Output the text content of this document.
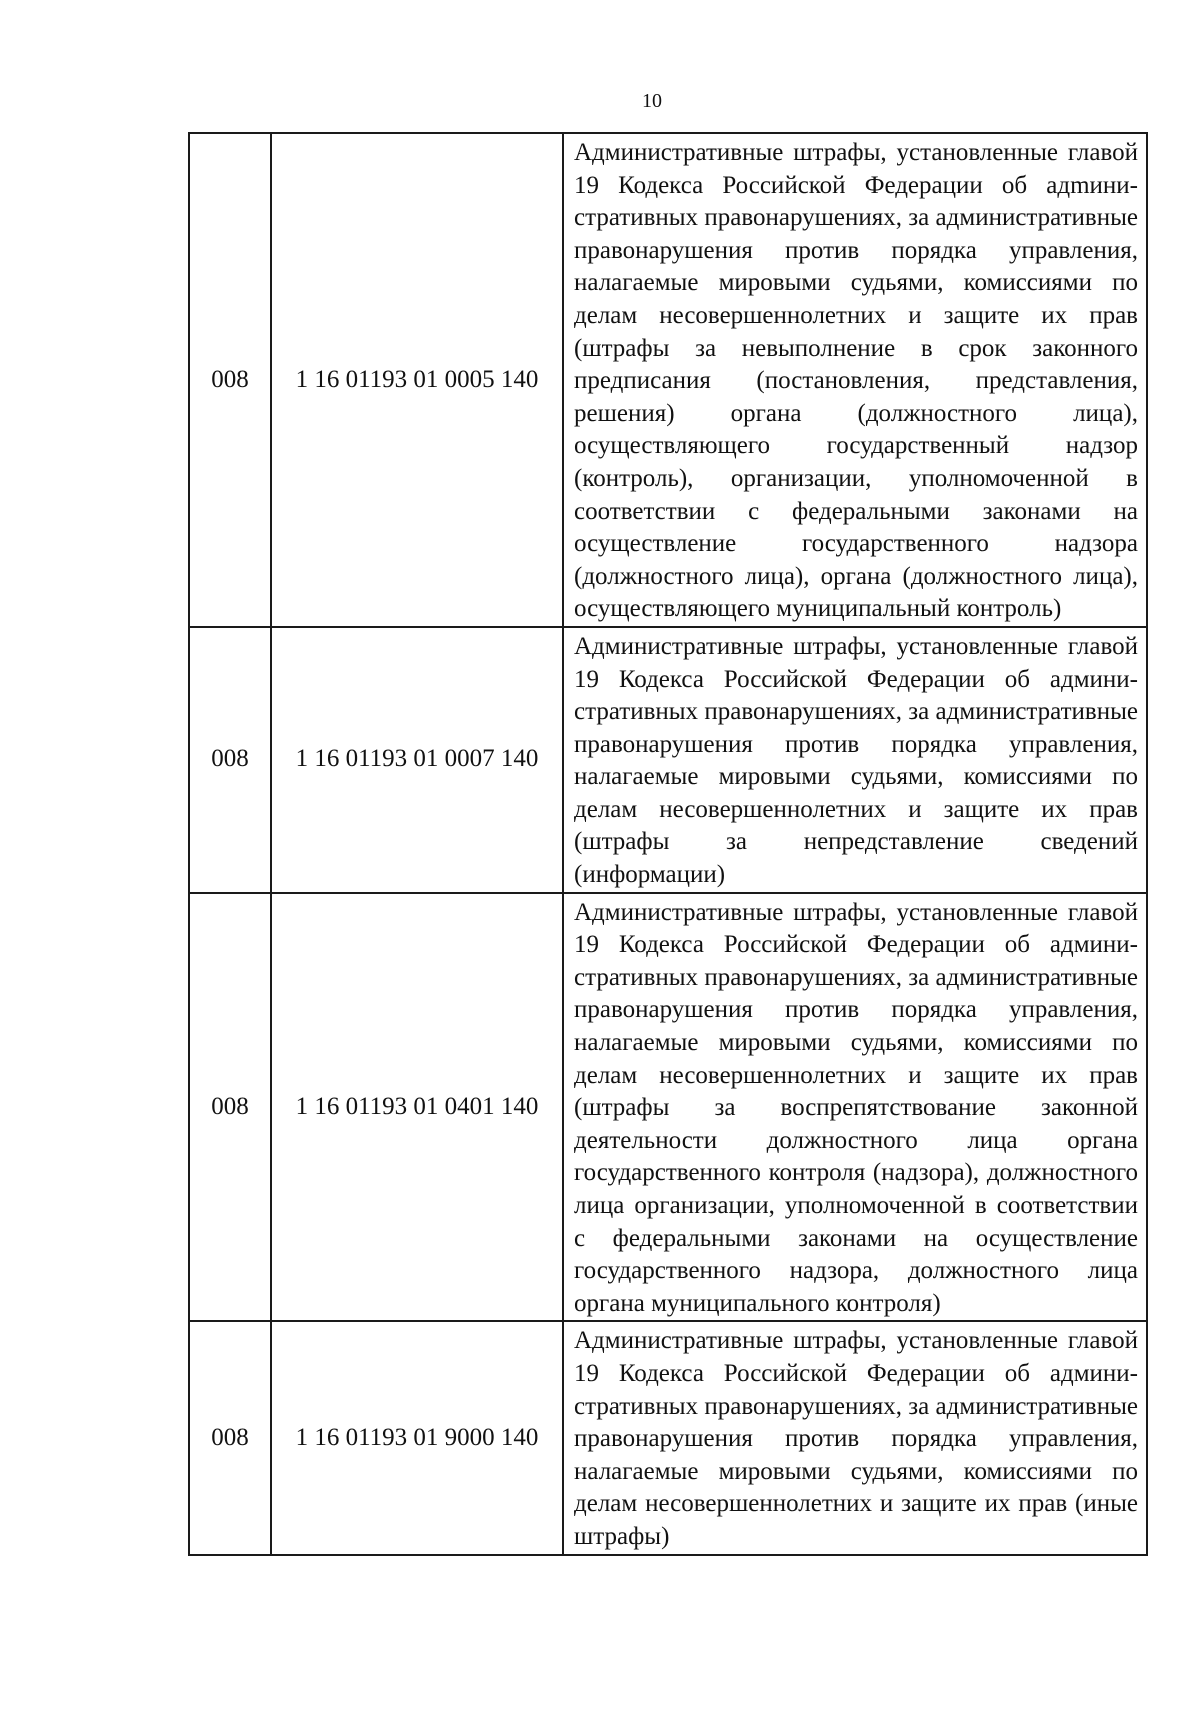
10
008	1 16 01193 01 0005 140	Административные штрафы, установленные главой 19 Кодекса Российской Федерации об адmинистративных правонарушениях, за административные правонарушения против порядка управления, налагаемые мировыми судьями, комиссиями по делам несовершеннолетних и защите их прав (штрафы за невыполнение в срок законного предписания (постановления, представления, решения) органа (должностного лица), осуществляющего государственный надзор (контроль), организации, уполномоченной в соответствии с федеральными законами на осуществление государственного надзора (должностного лица), органа (должностного лица), осуществляющего муниципальный контроль)
008	1 16 01193 01 0007 140	Административные штрафы, установленные главой 19 Кодекса Российской Федерации об административных правонарушениях, за административные правонарушения против порядка управления, налагаемые мировыми судьями, комиссиями по делам несовершеннолетних и защите их прав (штрафы за непредставление сведений (информации)
008	1 16 01193 01 0401 140	Административные штрафы, установленные главой 19 Кодекса Российской Федерации об административных правонарушениях, за административные правонарушения против порядка управления, налагаемые мировыми судьями, комиссиями по делам несовершеннолетних и защите их прав (штрафы за воспрепятствование законной деятельности должностного лица органа государственного контроля (надзора), должностного лица организации, уполномоченной в соответствии с федеральными законами на осуществление государственного надзора, должностного лица органа муниципального контроля)
008	1 16 01193 01 9000 140	Административные штрафы, установленные главой 19 Кодекса Российской Федерации об административных правонарушениях, за административные правонарушения против порядка управления, налагаемые мировыми судьями, комиссиями по делам несовершеннолетних и защите их прав (иные штрафы)
